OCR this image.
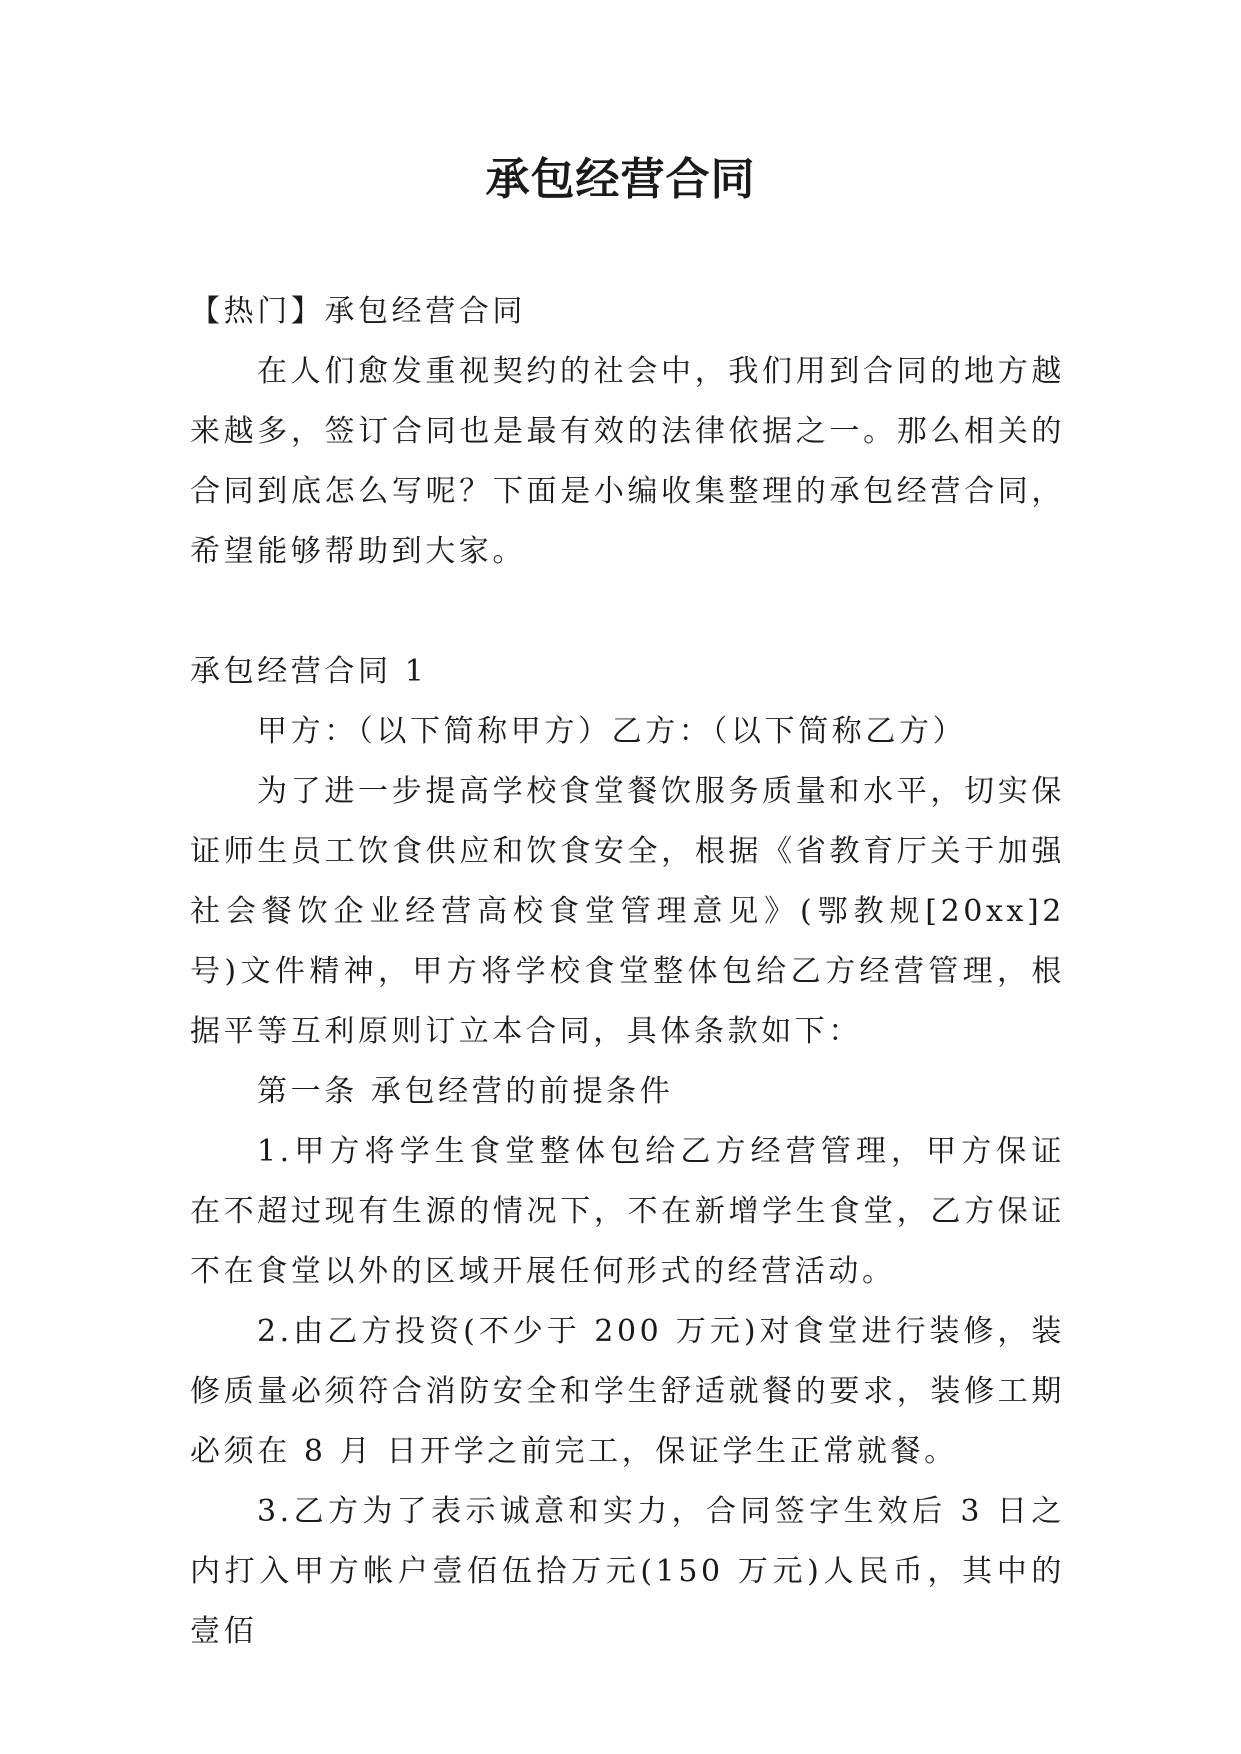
承包经营合同

【热门】承包经营合同

在人们愈发重视契约的社会中，我们用到合同的地方越来越多，签订合同也是最有效的法律依据之一。那么相关的合同到底怎么写呢？下面是小编收集整理的承包经营合同，希望能够帮助到大家。

承包经营合同 1

甲方：（以下简称甲方）乙方：（以下简称乙方）

为了进一步提高学校食堂餐饮服务质量和水平，切实保证师生员工饮食供应和饮食安全，根据《省教育厅关于加强社会餐饮企业经营高校食堂管理意见》(鄂教规[20xx]2 号)文件精神，甲方将学校食堂整体包给乙方经营管理，根据平等互利原则订立本合同，具体条款如下：

第一条 承包经营的前提条件

1.甲方将学生食堂整体包给乙方经营管理，甲方保证在不超过现有生源的情况下，不在新增学生食堂，乙方保证不在食堂以外的区域开展任何形式的经营活动。

2.由乙方投资(不少于 200 万元)对食堂进行装修，装修质量必须符合消防安全和学生舒适就餐的要求，装修工期必须在 8 月 日开学之前完工，保证学生正常就餐。

3.乙方为了表示诚意和实力，合同签字生效后 3 日之内打入甲方帐户壹佰伍拾万元(150 万元)人民币，其中的壹佰
